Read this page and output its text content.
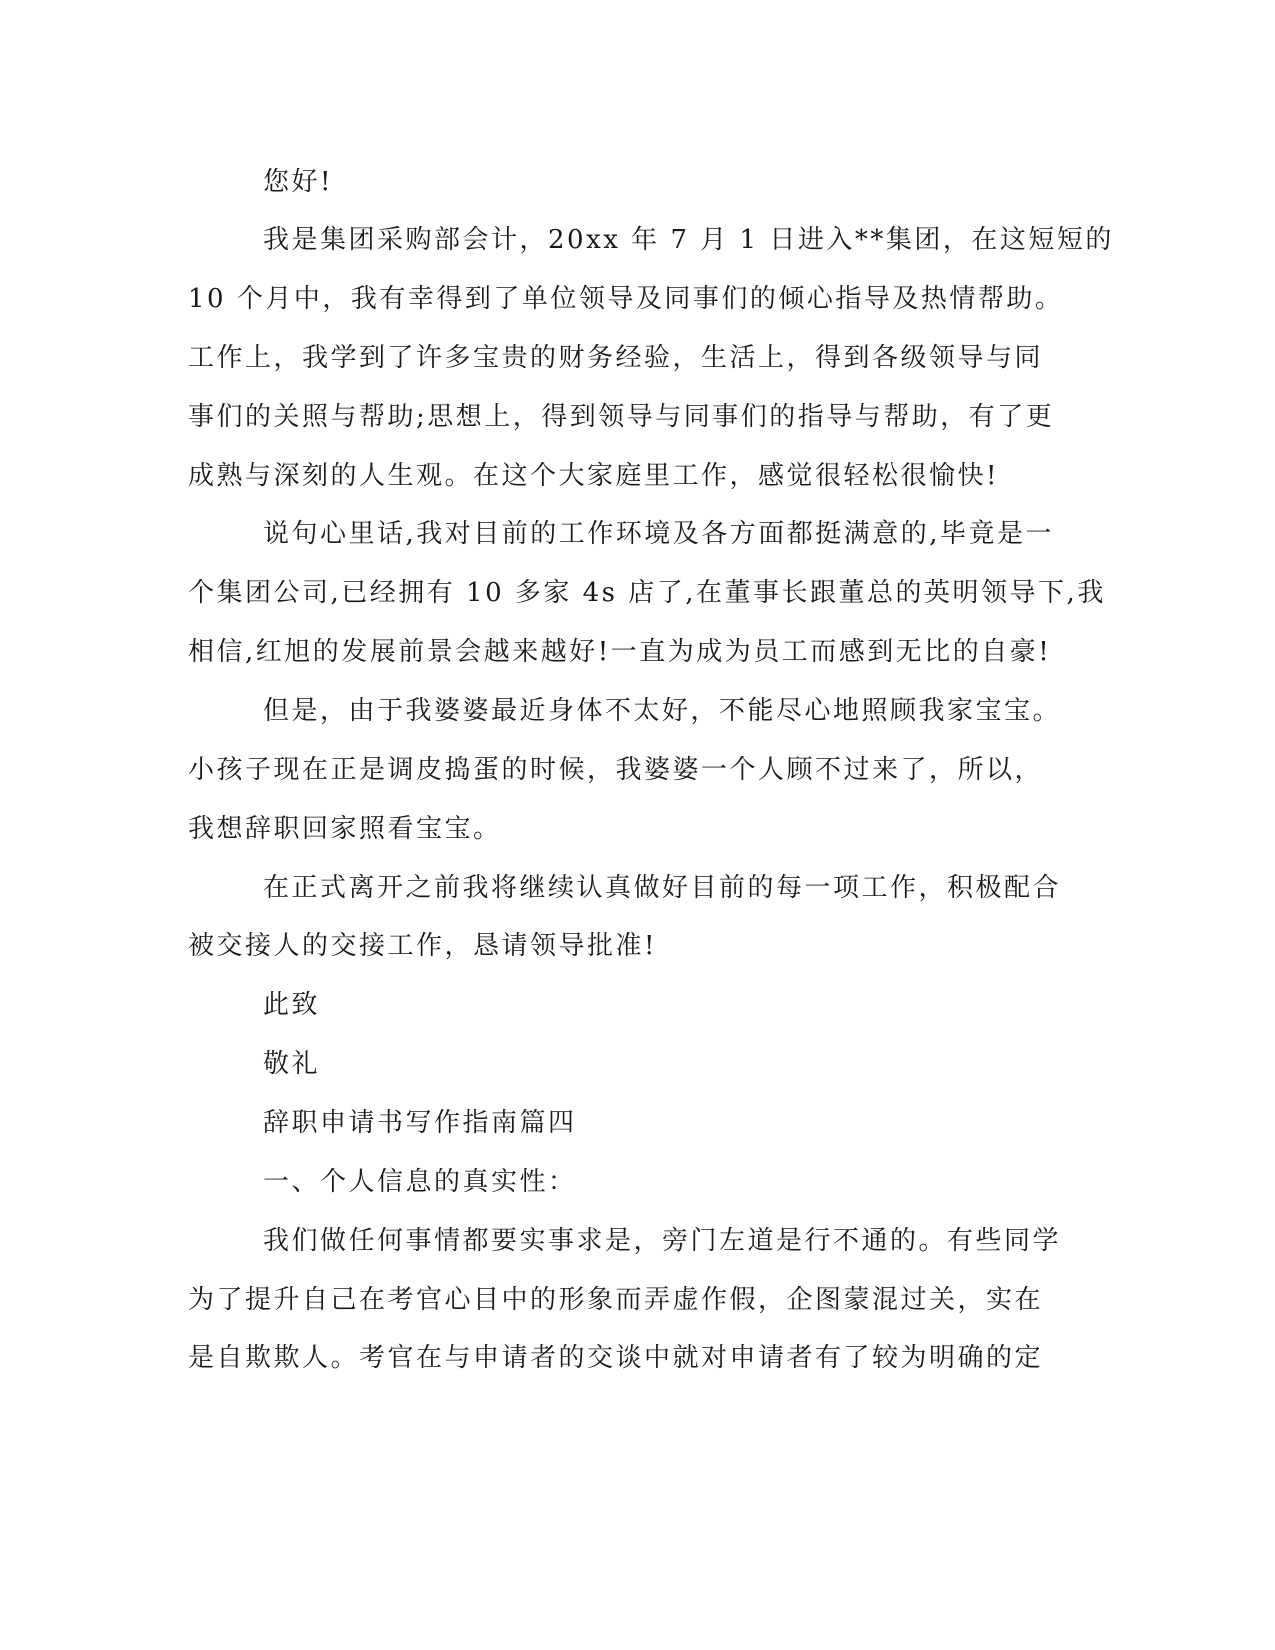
您好!
我是集团采购部会计，20xx 年 7 月 1 日进入**集团，在这短短的
10 个月中，我有幸得到了单位领导及同事们的倾心指导及热情帮助。
工作上，我学到了许多宝贵的财务经验，生活上，得到各级领导与同
事们的关照与帮助;思想上，得到领导与同事们的指导与帮助，有了更
成熟与深刻的人生观。在这个大家庭里工作，感觉很轻松很愉快!
说句心里话,我对目前的工作环境及各方面都挺满意的,毕竟是一
个集团公司,已经拥有 10 多家 4s 店了,在董事长跟董总的英明领导下,我
相信,红旭的发展前景会越来越好!一直为成为员工而感到无比的自豪!
但是，由于我婆婆最近身体不太好，不能尽心地照顾我家宝宝。
小孩子现在正是调皮捣蛋的时候，我婆婆一个人顾不过来了，所以，
我想辞职回家照看宝宝。
在正式离开之前我将继续认真做好目前的每一项工作，积极配合
被交接人的交接工作，恳请领导批准!
此致
敬礼
辞职申请书写作指南篇四
一、个人信息的真实性：
我们做任何事情都要实事求是，旁门左道是行不通的。有些同学
为了提升自己在考官心目中的形象而弄虚作假，企图蒙混过关，实在
是自欺欺人。考官在与申请者的交谈中就对申请者有了较为明确的定
